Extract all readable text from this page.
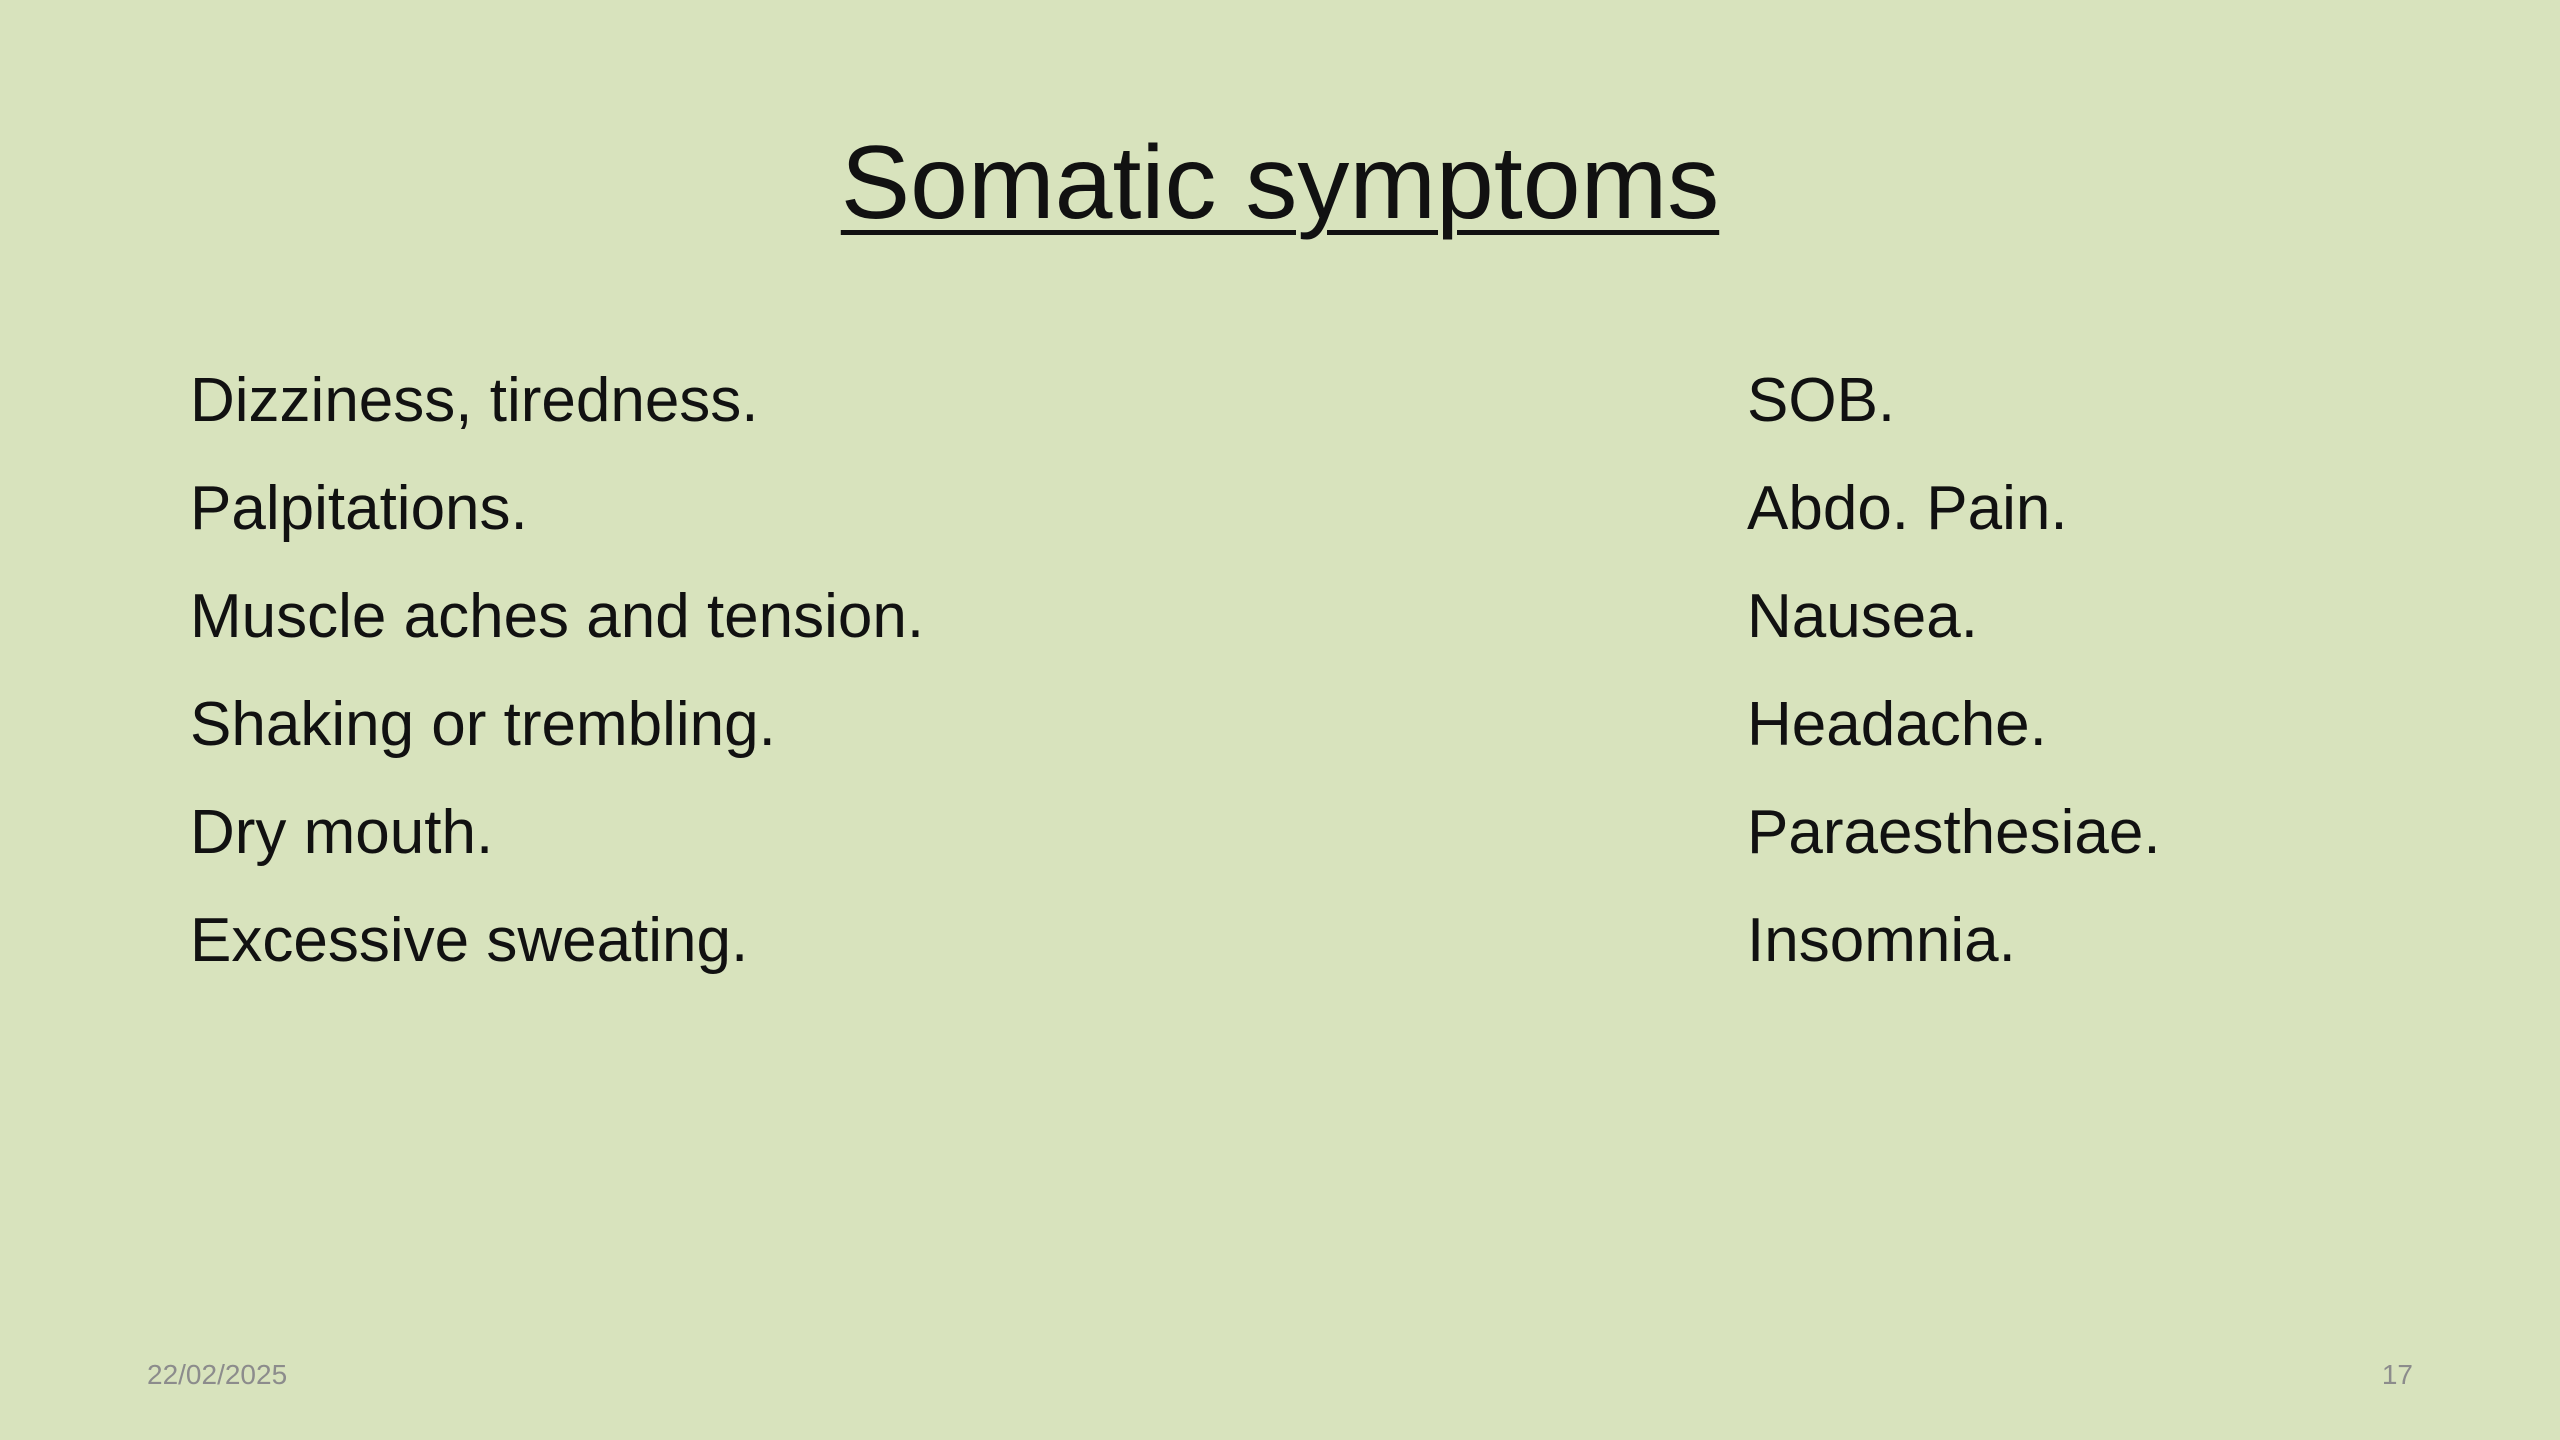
Somatic symptoms
Dizziness, tiredness.
Palpitations.
Muscle aches and tension.
Shaking or trembling.
Dry mouth.
Excessive sweating.
SOB.
Abdo. Pain.
Nausea.
Headache.
Paraesthesiae.
Insomnia.
22/02/2025	17
